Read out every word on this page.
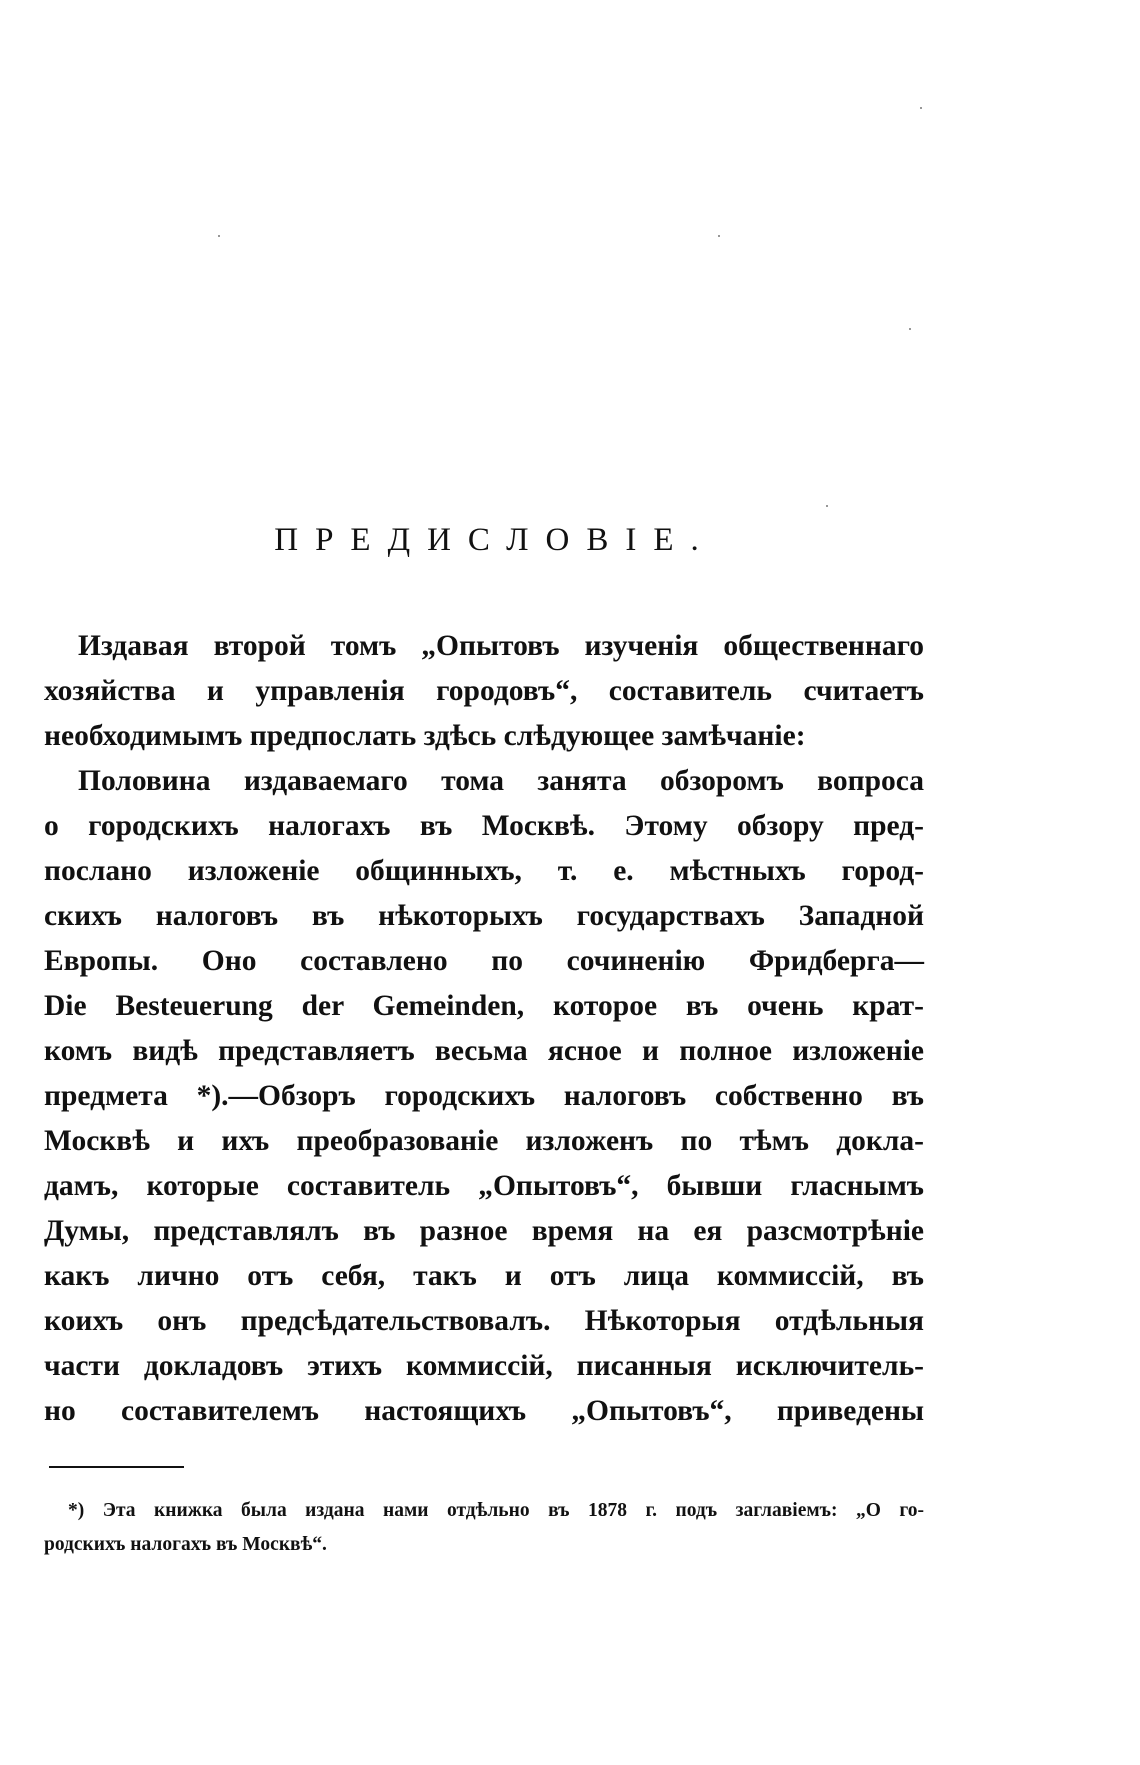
ПРЕДИСЛОВІЕ.
Издавая второй томъ „Опытовъ изученія общественнаго
хозяйства и управленія городовъ“, составитель считаетъ
необходимымъ предпослать здѣсь слѣдующее замѣчаніе:
Половина издаваемаго тома занята обзоромъ вопроса
о городскихъ налогахъ въ Москвѣ. Этому обзору пред-
послано изложеніе общинныхъ, т. е. мѣстныхъ город-
скихъ налоговъ въ нѣкоторыхъ государствахъ Западной
Европы. Оно составлено по сочиненію Фридберга—
Die Besteuerung der Gemeinden, которое въ очень крат-
комъ видѣ представляетъ весьма ясное и полное изложеніе
предмета *).—Обзоръ городскихъ налоговъ собственно въ
Москвѣ и ихъ преобразованіе изложенъ по тѣмъ докла-
дамъ, которые составитель „Опытовъ“, бывши гласнымъ
Думы, представлялъ въ разное время на ея разсмотрѣніе
какъ лично отъ себя, такъ и отъ лица коммиссій, въ
коихъ онъ предсѣдательствовалъ. Нѣкоторыя отдѣльныя
части докладовъ этихъ коммиссій, писанныя исключитель-
но составителемъ настоящихъ „Опытовъ“, приведены
*) Эта книжка была издана нами отдѣльно въ 1878 г. подъ заглавіемъ: „О го-
родскихъ налогахъ въ Москвѣ“.
